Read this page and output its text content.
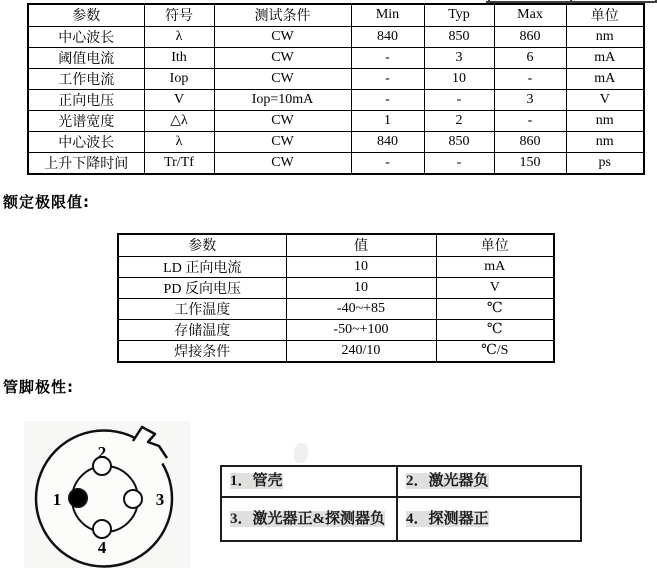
参数	符号	测试条件	Min	Typ	Max	单位
中心波长	λ	CW	840	850	860	nm
阈值电流	Ith	CW	-	3	6	mA
工作电流	Iop	CW	-	10	-	mA
正向电压	V	Iop=10mA	-	-	3	V
光谱宽度	△λ	CW	1	2	-	nm
中心波长	λ	CW	840	850	860	nm
上升下降时间	Tr/Tf	CW	-	-	150	ps
额定极限值:
参数	值	单位
LD 正向电流	10	mA
PD 反向电压	10	V
工作温度	-40~+85	℃
存储温度	-50~+100	℃
焊接条件	240/10	℃/S
管脚极性:
1
2
3
4
1．管壳	2．激光器负
3．激光器正&探测器负	4．探测器正
